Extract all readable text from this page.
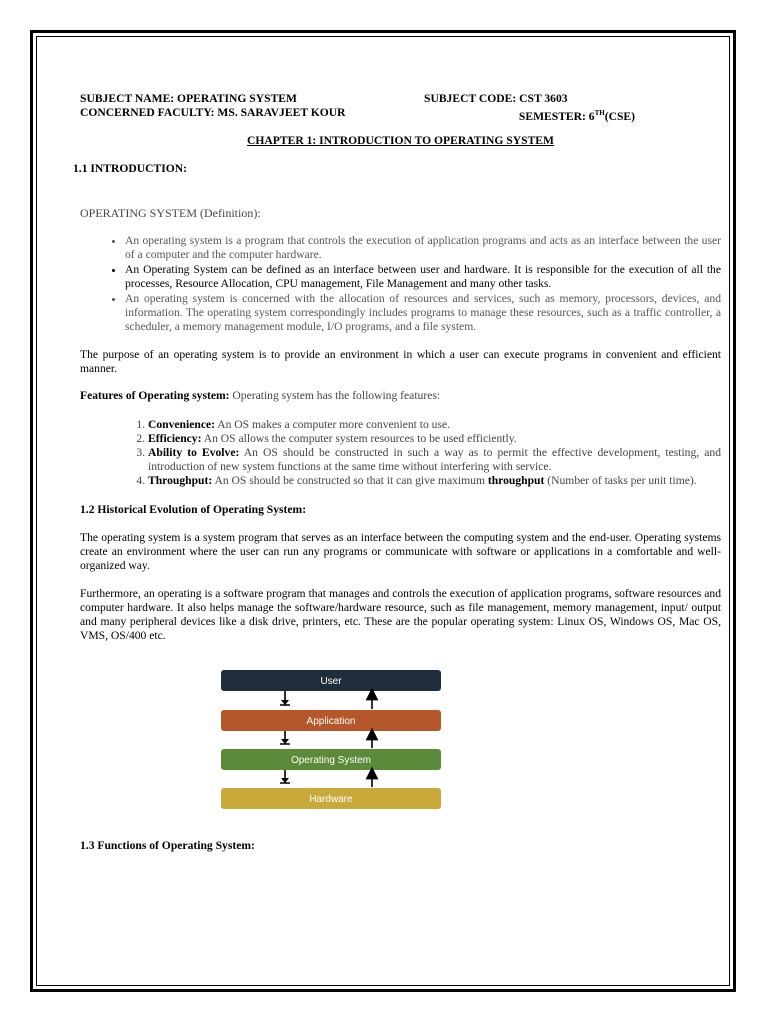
SUBJECT NAME: OPERATING SYSTEM	SUBJECT CODE: CST 3603
CONCERNED FACULTY: MS. SARAVJEET KOUR	SEMESTER: 6TH(CSE)
CHAPTER 1: INTRODUCTION TO OPERATING SYSTEM
1.1 INTRODUCTION:
OPERATING SYSTEM (Definition):
• An operating system is a program that controls the execution of application programs and acts as an interface between the user of a computer and the computer hardware.
• An Operating System can be defined as an interface between user and hardware. It is responsible for the execution of all the processes, Resource Allocation, CPU management, File Management and many other tasks.
• An operating system is concerned with the allocation of resources and services, such as memory, processors, devices, and information. The operating system correspondingly includes programs to manage these resources, such as a traffic controller, a scheduler, a memory management module, I/O programs, and a file system.
The purpose of an operating system is to provide an environment in which a user can execute programs in convenient and efficient manner.
Features of Operating system: Operating system has the following features:
1. Convenience: An OS makes a computer more convenient to use.
2. Efficiency: An OS allows the computer system resources to be used efficiently.
3. Ability to Evolve: An OS should be constructed in such a way as to permit the effective development, testing, and introduction of new system functions at the same time without interfering with service.
4. Throughput: An OS should be constructed so that it can give maximum throughput (Number of tasks per unit time).
1.2 Historical Evolution of Operating System:
The operating system is a system program that serves as an interface between the computing system and the end-user. Operating systems create an environment where the user can run any programs or communicate with software or applications in a comfortable and well-organized way.
Furthermore, an operating is a software program that manages and controls the execution of application programs, software resources and computer hardware. It also helps manage the software/hardware resource, such as file management, memory management, input/ output and many peripheral devices like a disk drive, printers, etc. These are the popular operating system: Linux OS, Windows OS, Mac OS, VMS, OS/400 etc.
User
Application
Operating System
Hardware
1.3 Functions of Operating System:
